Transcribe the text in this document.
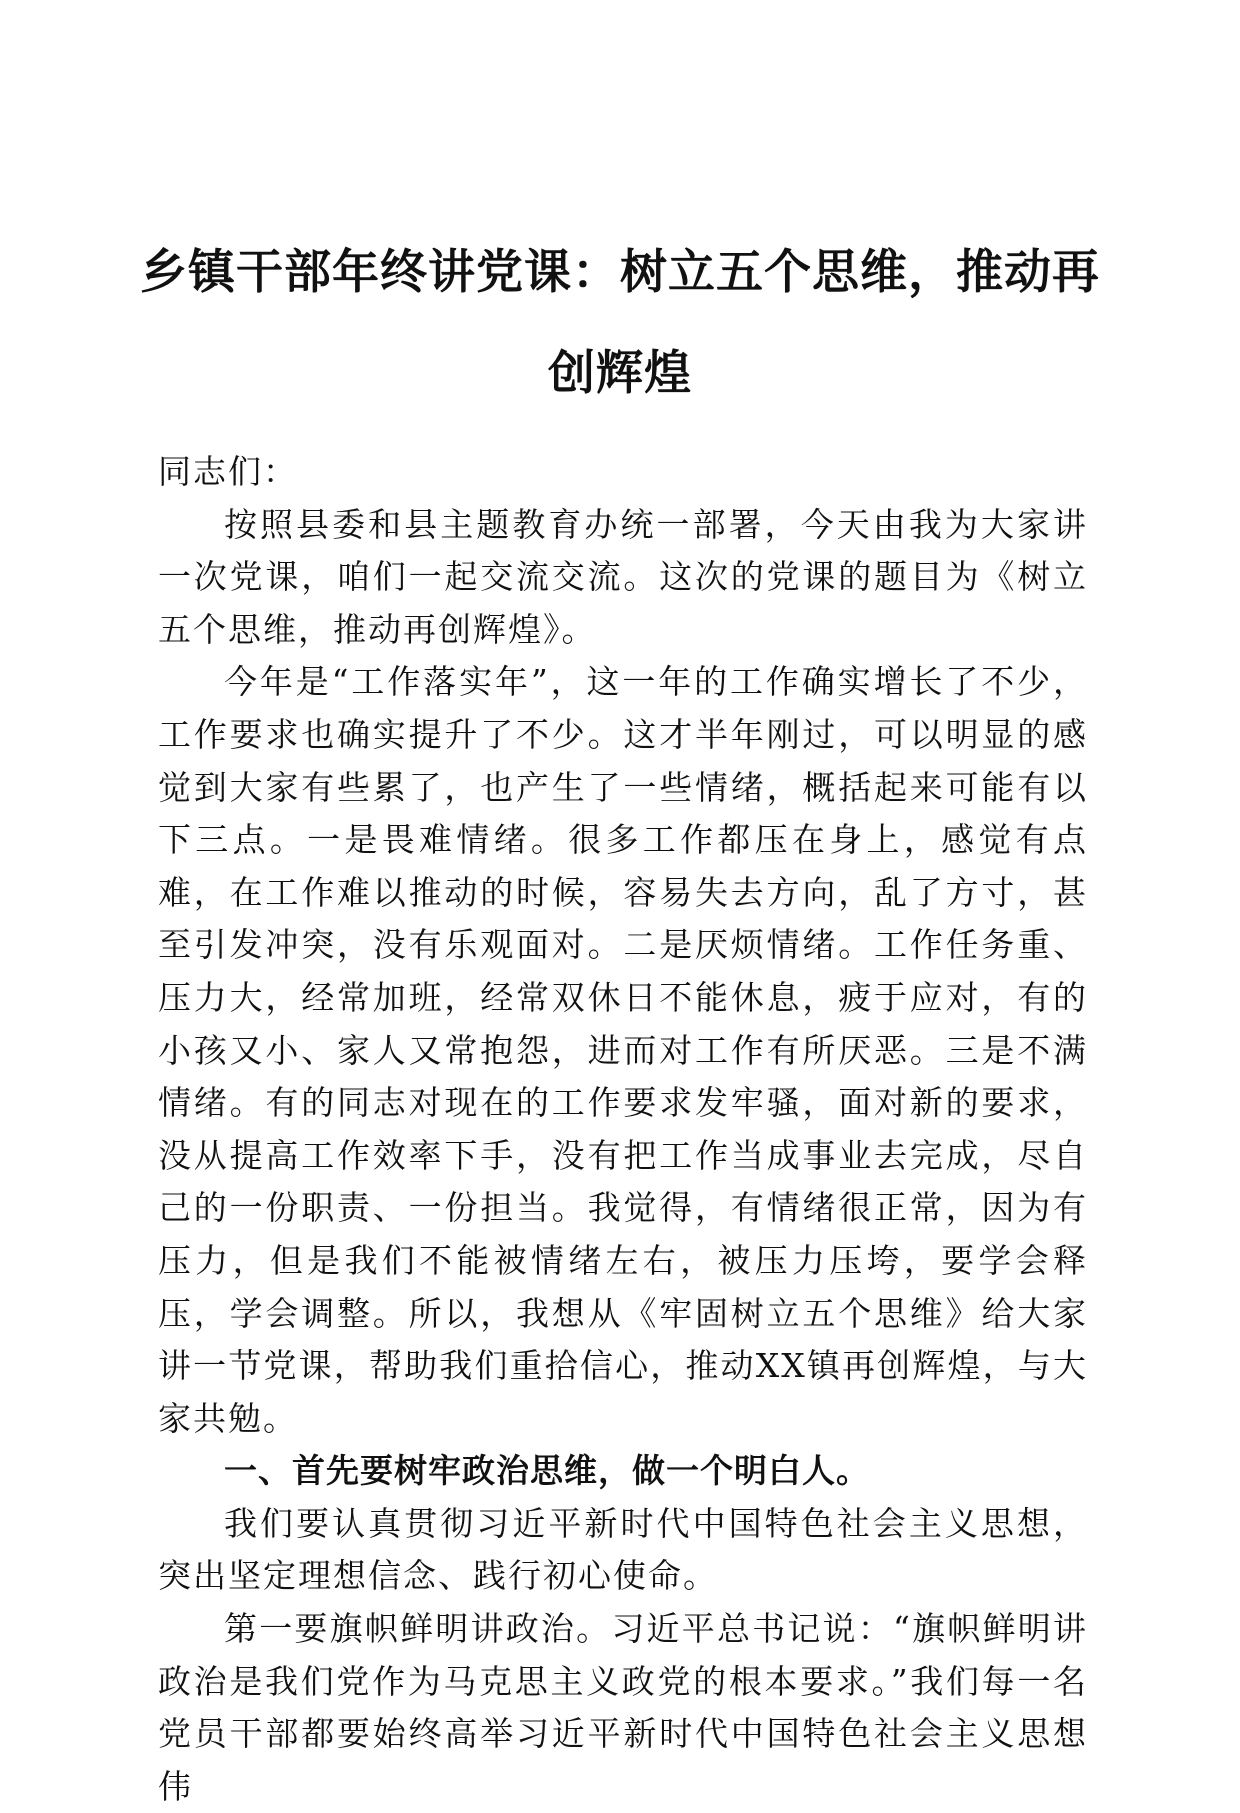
乡镇干部年终讲党课：树立五个思维，推动再
创辉煌

同志们：

按照县委和县主题教育办统一部署，今天由我为大家讲一次党课，咱们一起交流交流。这次的党课的题目为《树立五个思维，推动再创辉煌》。

今年是“工作落实年”，这一年的工作确实增长了不少，工作要求也确实提升了不少。这才半年刚过，可以明显的感觉到大家有些累了，也产生了一些情绪，概括起来可能有以下三点。一是畏难情绪。很多工作都压在身上，感觉有点难，在工作难以推动的时候，容易失去方向，乱了方寸，甚至引发冲突，没有乐观面对。二是厌烦情绪。工作任务重、压力大，经常加班，经常双休日不能休息，疲于应对，有的小孩又小、家人又常抱怨，进而对工作有所厌恶。三是不满情绪。有的同志对现在的工作要求发牢骚，面对新的要求，没从提高工作效率下手，没有把工作当成事业去完成，尽自己的一份职责、一份担当。我觉得，有情绪很正常，因为有压力，但是我们不能被情绪左右，被压力压垮，要学会释压，学会调整。所以，我想从《牢固树立五个思维》给大家讲一节党课，帮助我们重拾信心，推动XX镇再创辉煌，与大家共勉。

一、首先要树牢政治思维，做一个明白人。

我们要认真贯彻习近平新时代中国特色社会主义思想，突出坚定理想信念、践行初心使命。

第一要旗帜鲜明讲政治。习近平总书记说：“旗帜鲜明讲政治是我们党作为马克思主义政党的根本要求。”我们每一名党员干部都要始终高举习近平新时代中国特色社会主义思想伟
